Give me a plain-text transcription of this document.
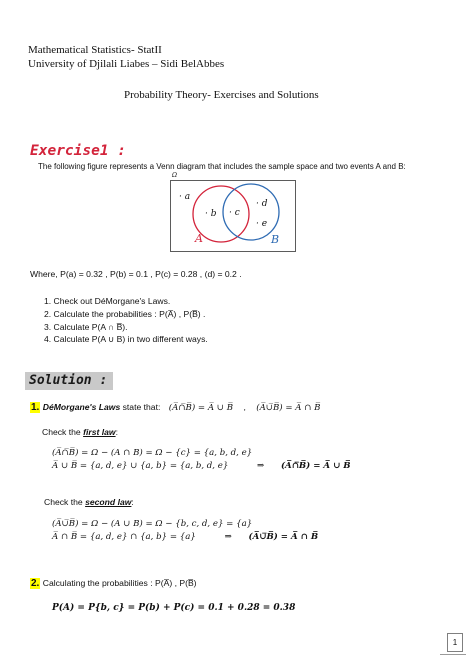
Mathematical Statistics- StatII
University of Djilali Liabes – Sidi BelAbbes
Probability Theory- Exercises and Solutions
Exercise1 :
The following figure represents a Venn diagram that includes the sample space and two events A and B:
Ω
· a
· b · c
· d
· e
A	B
Where, P(a) = 0.32 , P(b) = 0.1 , P(c) = 0.28 , (d) = 0.2 .
1. Check out DéMorgane's Laws.
2. Calculate the probabilities : P(A̅) , P(B̅) .
3. Calculate P(A ∩ B̅).
4. Calculate P(A ∪ B) in two different ways.
Solution :
1. DéMorgane's Laws state that: (A̅∩̅B̅) = A̅ ∪ B̅ , (A̅∪̅B̅) = A̅ ∩ B̅
Check the first law:
(A̅∩̅B̅) = Ω − (A ∩ B) = Ω − {c} = {a, b, d, e}
A̅ ∪ B̅ = {a, d, e} ∪ {a, b} = {a, b, d, e}	⇒ (A̅∩̅B̅) = A̅ ∪ B̅
Check the second law:
(A̅∪̅B̅) = Ω − (A ∪ B) = Ω − {b, c, d, e} = {a}
A̅ ∩ B̅ = {a, d, e} ∩ {a, b} = {a}	⇒ (A̅∪̅B̅) = A̅ ∩ B̅
2. Calculating the probabilities : P(A̅) , P(B̅)
P(A) = P{b, c} = P(b) + P(c) = 0.1 + 0.28 = 0.38
1
